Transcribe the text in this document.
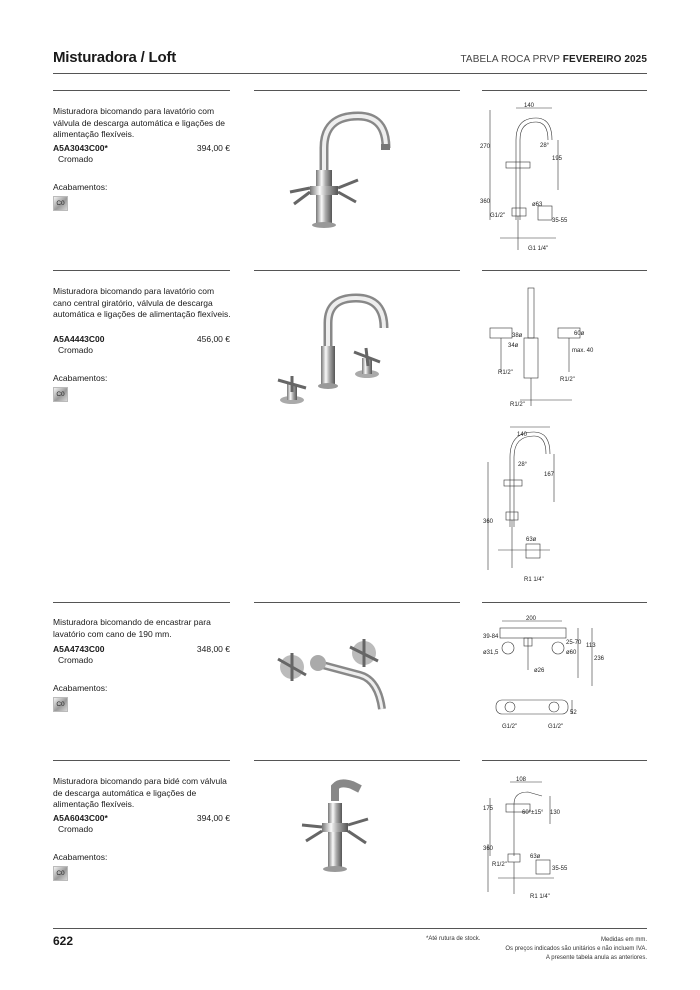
Misturadora / Loft	TABELA ROCA PRVP FEVEREIRO 2025
Misturadora bicomando para lavatório com válvula de descarga automática e ligações de alimentação flexíveis.
A5A3043C00*	394,00 €
Cromado
Acabamentos:
C0
140
270	28°
195
360	ø63
G1/2"
35-55
G1 1/4"
Misturadora bicomando para lavatório com cano central giratório, válvula de descarga automática e ligações de alimentação flexíveis.
A5A4443C00	456,00 €
Cromado
Acabamentos:
C0
38ø
34ø
60ø
max. 40
R1/2"
R1/2"
R1/2"
140
28°
167
360
63ø
R1 1/4"
Misturadora bicomando de encastrar para lavatório com cano de 190 mm.
A5A4743C00	348,00 €
Cromado
Acabamentos:
C0
200
39-84
25-70 113
ø31,5	ø60
236
ø26
52
G1/2"	G1/2"
Misturadora bicomando para bidé com válvula de descarga automática e ligações de alimentação flexíveis.
A5A6043C00*	394,00 €
Cromado
Acabamentos:
C0
108
175
60°±15° 130
360
63ø
35-55
R1/2"
R1 1/4"
622	*Até rutura de stock.	Medidas em mm.
Os preços indicados são unitários e não incluem IVA.
A presente tabela anula as anteriores.
